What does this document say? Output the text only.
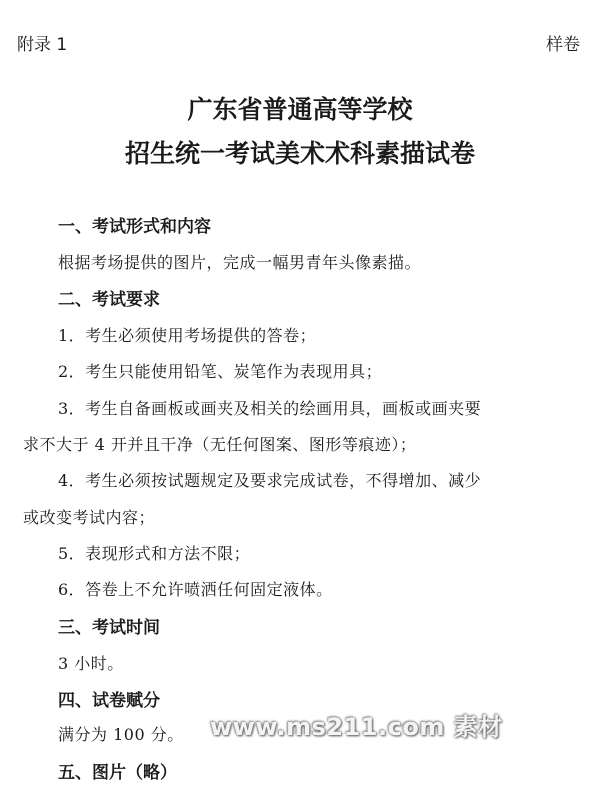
附录 1	样卷
广东省普通高等学校
招生统一考试美术术科素描试卷
一、考试形式和内容
根据考场提供的图片，完成一幅男青年头像素描。
二、考试要求
1．考生必须使用考场提供的答卷；
2．考生只能使用铅笔、炭笔作为表现用具；
3．考生自备画板或画夹及相关的绘画用具，画板或画夹要
求不大于 4 开并且干净（无任何图案、图形等痕迹）；
4．考生必须按试题规定及要求完成试卷，不得增加、减少
或改变考试内容；
5．表现形式和方法不限；
6．答卷上不允许喷洒任何固定液体。
三、考试时间
3 小时。
四、试卷赋分
满分为 100 分。
五、图片（略）
www.ms211.com 素材
